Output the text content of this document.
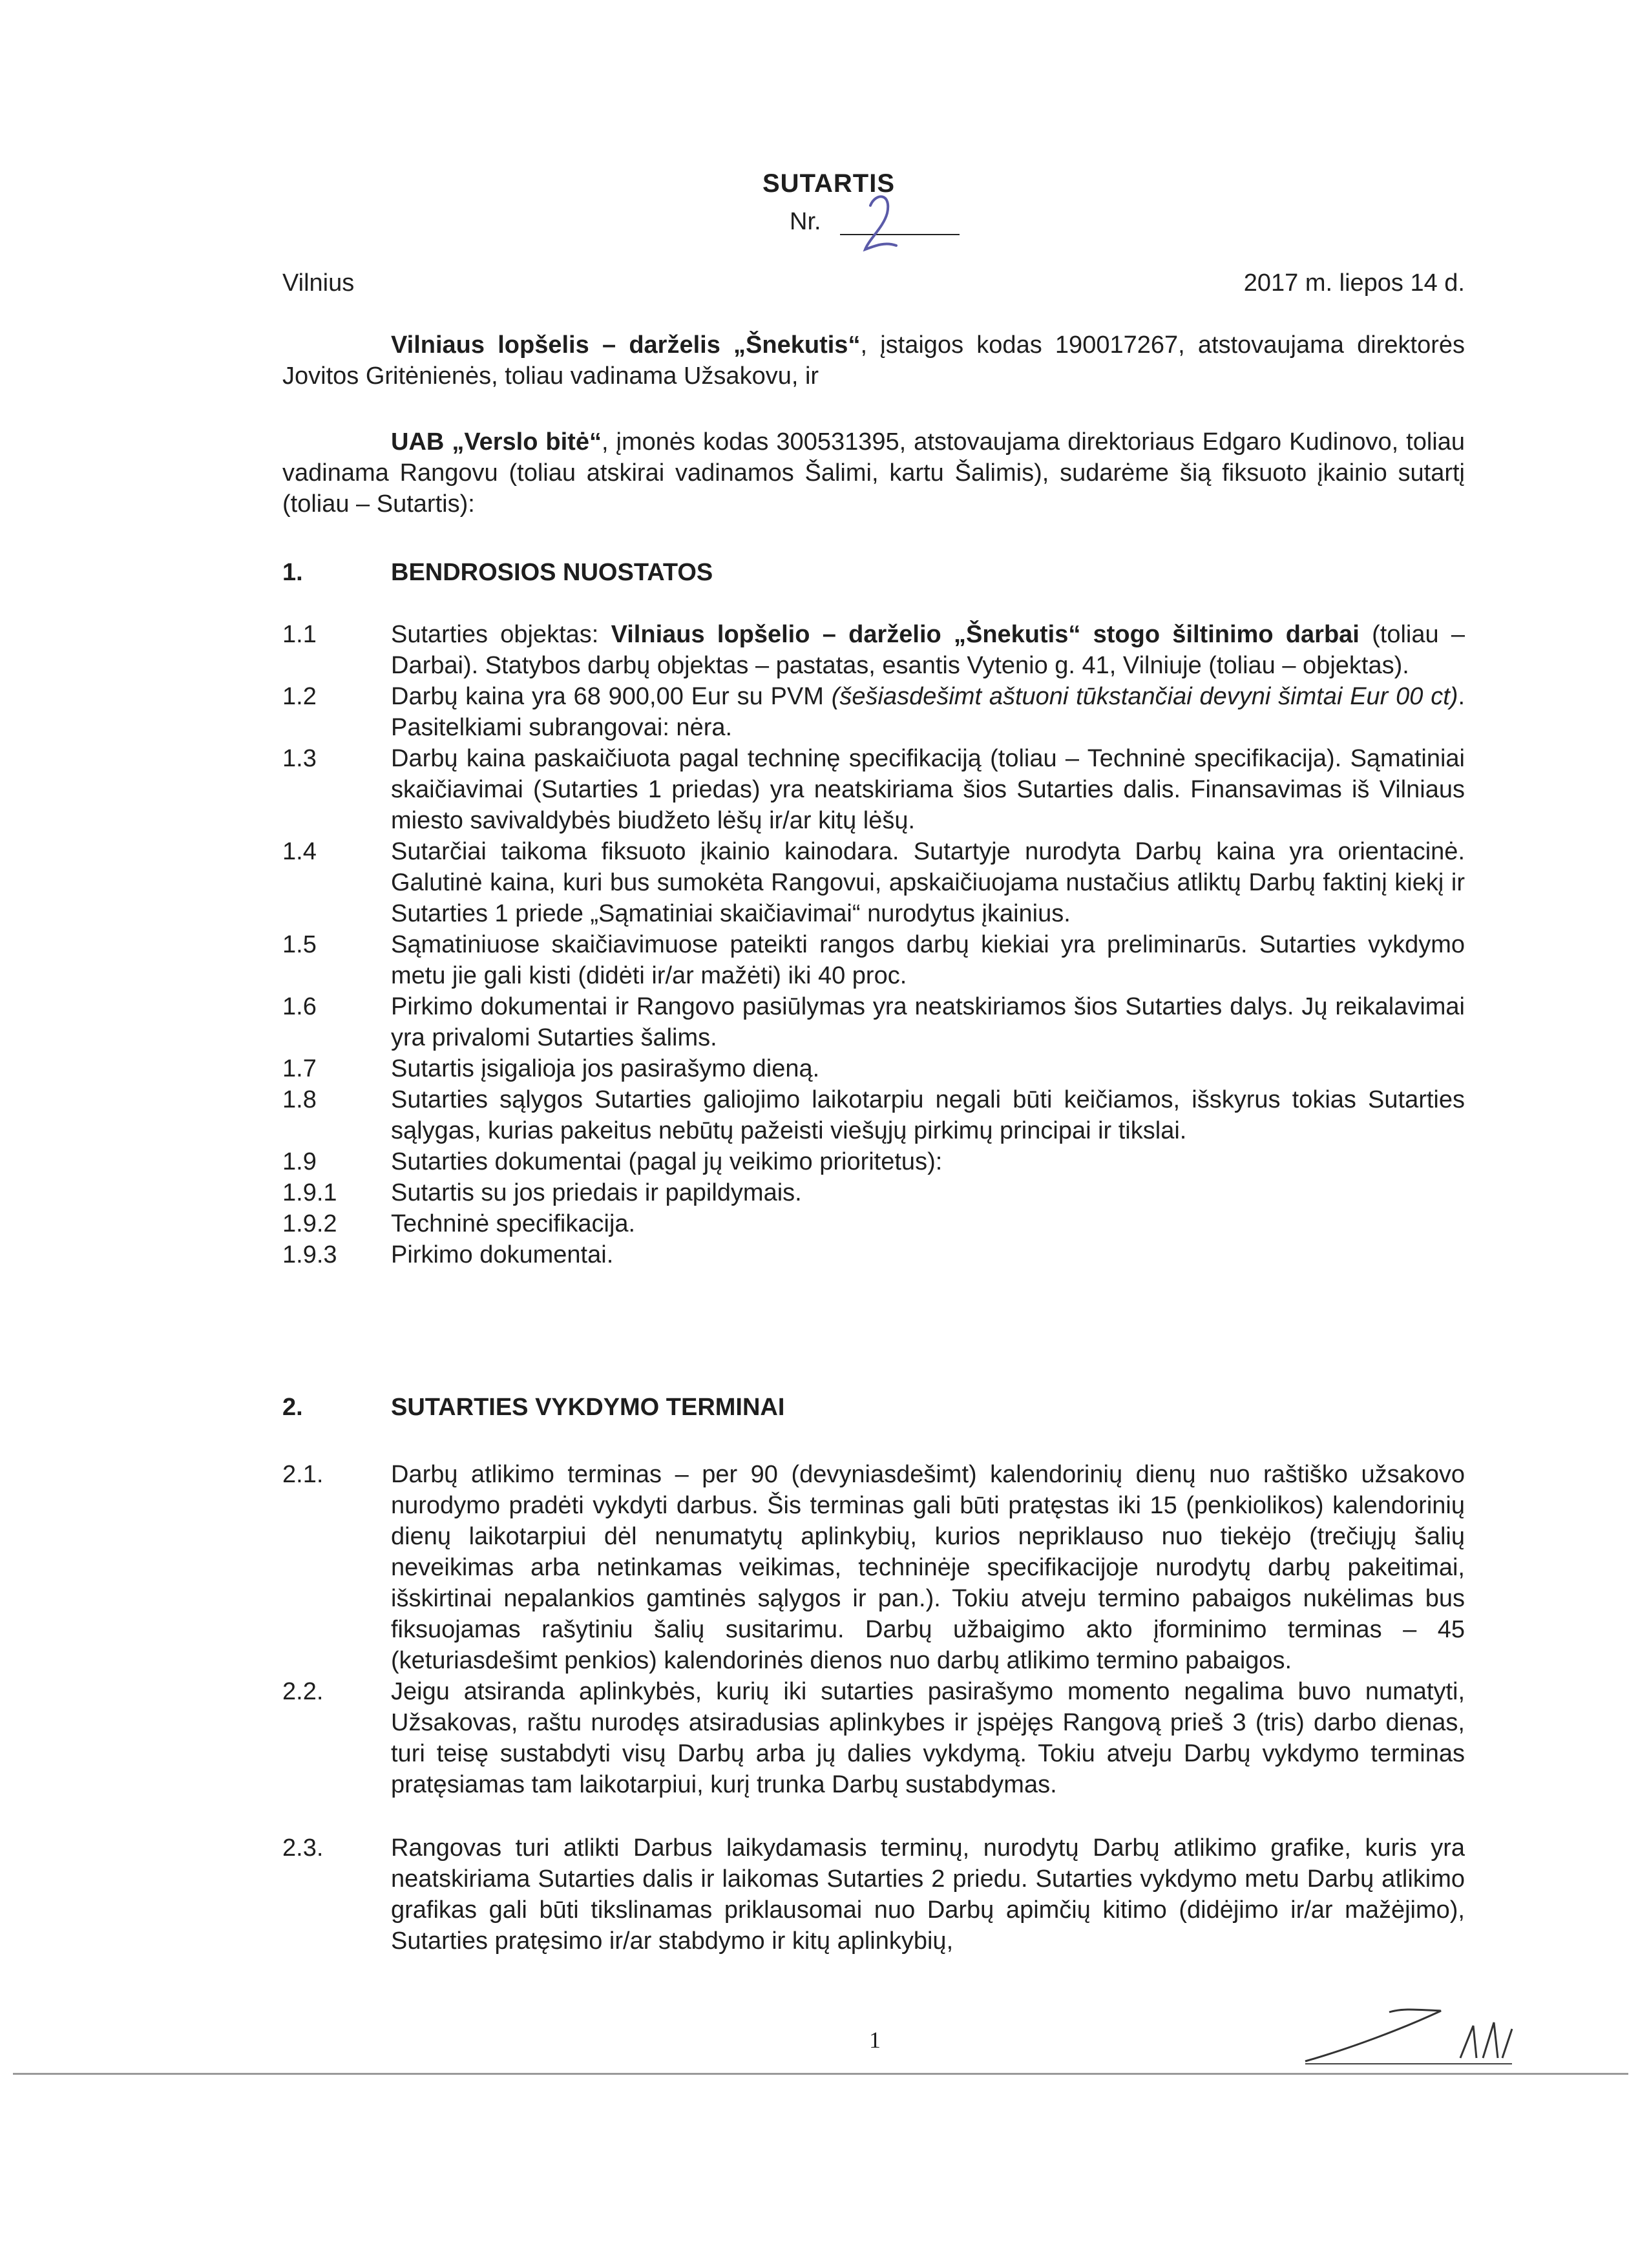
SUTARTIS
Nr.
Vilnius	2017 m. liepos 14 d.
Vilniaus lopšelis – darželis „Šnekutis“, įstaigos kodas 190017267, atstovaujama direktorės Jovitos Gritėnienės, toliau vadinama Užsakovu, ir
UAB „Verslo bitė“, įmonės kodas 300531395, atstovaujama direktoriaus Edgaro Kudinovo, toliau vadinama Rangovu (toliau atskirai vadinamos Šalimi, kartu Šalimis), sudarėme šią fiksuoto įkainio sutartį (toliau – Sutartis):
1.	BENDROSIOS NUOSTATOS
1.1	Sutarties objektas: Vilniaus lopšelio – darželio „Šnekutis“ stogo šiltinimo darbai (toliau – Darbai). Statybos darbų objektas – pastatas, esantis Vytenio g. 41, Vilniuje (toliau – objektas).
1.2	Darbų kaina yra 68 900,00 Eur su PVM (šešiasdešimt aštuoni tūkstančiai devyni šimtai Eur 00 ct). Pasitelkiami subrangovai: nėra.
1.3	Darbų kaina paskaičiuota pagal techninę specifikaciją (toliau – Techninė specifikacija). Sąmatiniai skaičiavimai (Sutarties 1 priedas) yra neatskiriama šios Sutarties dalis. Finansavimas iš Vilniaus miesto savivaldybės biudžeto lėšų ir/ar kitų lėšų.
1.4	Sutarčiai taikoma fiksuoto įkainio kainodara. Sutartyje nurodyta Darbų kaina yra orientacinė. Galutinė kaina, kuri bus sumokėta Rangovui, apskaičiuojama nustačius atliktų Darbų faktinį kiekį ir Sutarties 1 priede „Sąmatiniai skaičiavimai“ nurodytus įkainius.
1.5	Sąmatiniuose skaičiavimuose pateikti rangos darbų kiekiai yra preliminarūs. Sutarties vykdymo metu jie gali kisti (didėti ir/ar mažėti) iki 40 proc.
1.6	Pirkimo dokumentai ir Rangovo pasiūlymas yra neatskiriamos šios Sutarties dalys. Jų reikalavimai yra privalomi Sutarties šalims.
1.7	Sutartis įsigalioja jos pasirašymo dieną.
1.8	Sutarties sąlygos Sutarties galiojimo laikotarpiu negali būti keičiamos, išskyrus tokias Sutarties sąlygas, kurias pakeitus nebūtų pažeisti viešųjų pirkimų principai ir tikslai.
1.9	Sutarties dokumentai (pagal jų veikimo prioritetus):
1.9.1	Sutartis su jos priedais ir papildymais.
1.9.2	Techninė specifikacija.
1.9.3	Pirkimo dokumentai.
2.	SUTARTIES VYKDYMO TERMINAI
2.1.	Darbų atlikimo terminas – per 90 (devyniasdešimt) kalendorinių dienų nuo raštiško užsakovo nurodymo pradėti vykdyti darbus. Šis terminas gali būti pratęstas iki 15 (penkiolikos) kalendorinių dienų laikotarpiui dėl nenumatytų aplinkybių, kurios nepriklauso nuo tiekėjo (trečiųjų šalių neveikimas arba netinkamas veikimas, techninėje specifikacijoje nurodytų darbų pakeitimai, išskirtinai nepalankios gamtinės sąlygos ir pan.). Tokiu atveju termino pabaigos nukėlimas bus fiksuojamas rašytiniu šalių susitarimu. Darbų užbaigimo akto įforminimo terminas – 45 (keturiasdešimt penkios) kalendorinės dienos nuo darbų atlikimo termino pabaigos.
2.2.	Jeigu atsiranda aplinkybės, kurių iki sutarties pasirašymo momento negalima buvo numatyti, Užsakovas, raštu nurodęs atsiradusias aplinkybes ir įspėjęs Rangovą prieš 3 (tris) darbo dienas, turi teisę sustabdyti visų Darbų arba jų dalies vykdymą. Tokiu atveju Darbų vykdymo terminas pratęsiamas tam laikotarpiui, kurį trunka Darbų sustabdymas.
2.3.	Rangovas turi atlikti Darbus laikydamasis terminų, nurodytų Darbų atlikimo grafike, kuris yra neatskiriama Sutarties dalis ir laikomas Sutarties 2 priedu. Sutarties vykdymo metu Darbų atlikimo grafikas gali būti tikslinamas priklausomai nuo Darbų apimčių kitimo (didėjimo ir/ar mažėjimo), Sutarties pratęsimo ir/ar stabdymo ir kitų aplinkybių,
1
